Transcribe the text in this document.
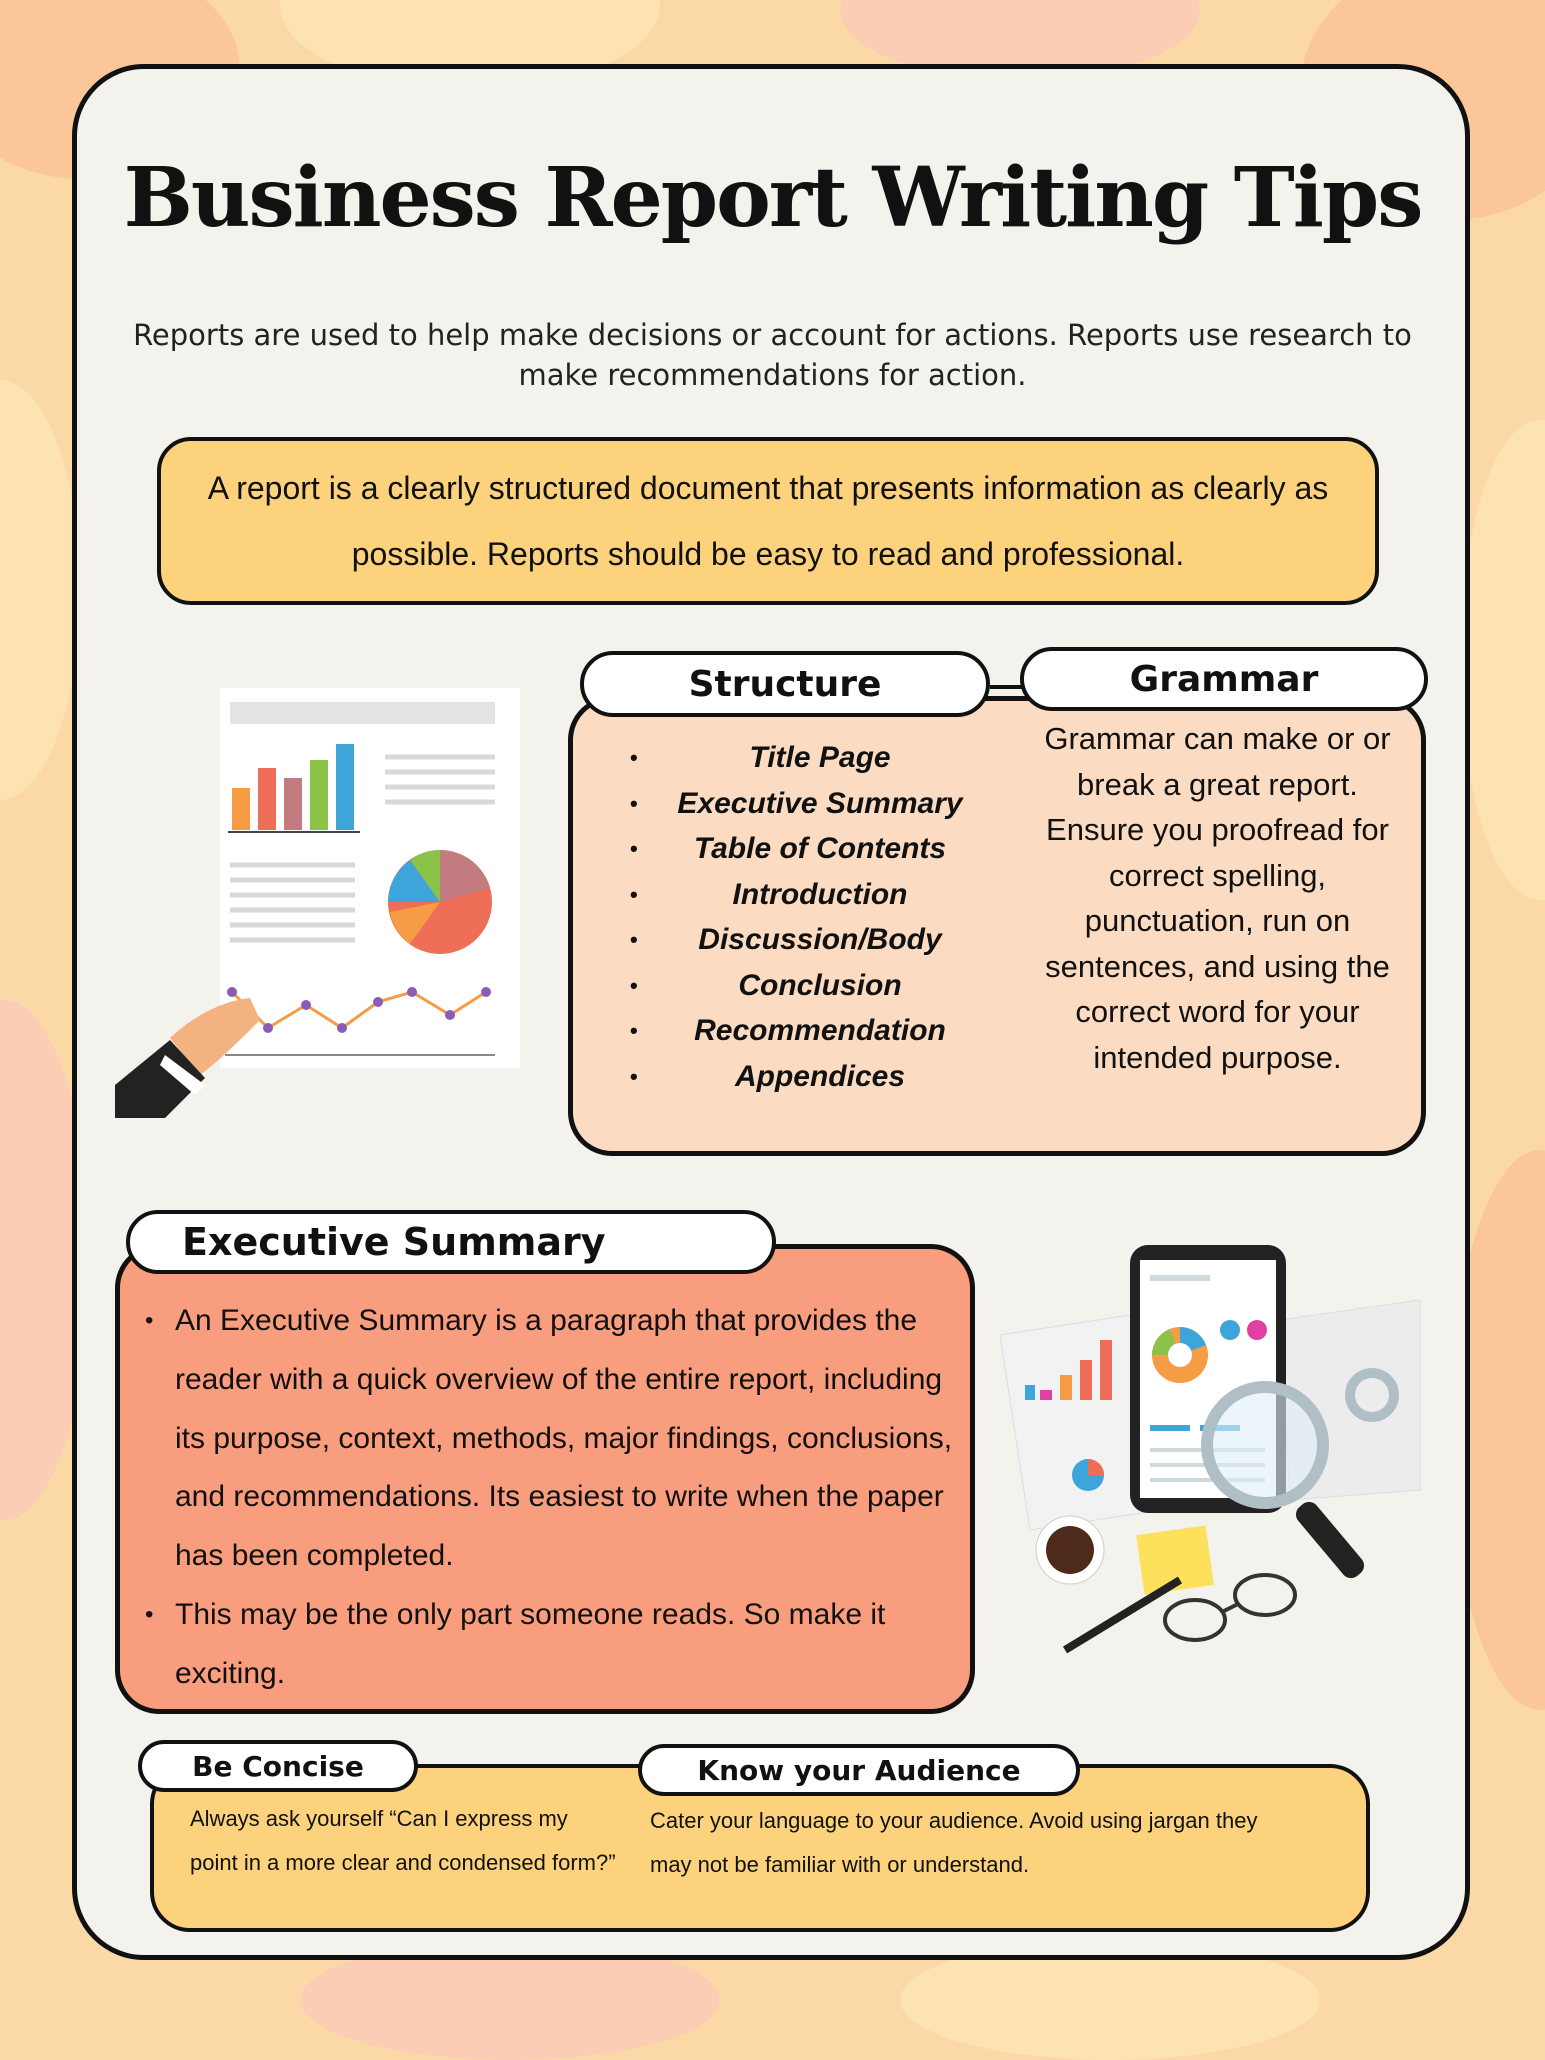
Business Report Writing Tips
Reports are used to help make decisions or account for actions. Reports use research to make recommendations for action.
A report is a clearly structured document that presents information as clearly as possible. Reports should be easy to read and professional.
Structure	Grammar
• Title Page
• Executive Summary
• Table of Contents
• Introduction
• Discussion/Body
• Conclusion
• Recommendation
• Appendices
Grammar can make or or break a great report. Ensure you proofread for correct spelling, punctuation, run on sentences, and using the correct word for your intended purpose.
Executive Summary
• An Executive Summary is a paragraph that provides the reader with a quick overview of the entire report, including its purpose, context, methods, major findings, conclusions, and recommendations. Its easiest to write when the paper has been completed.
• This may be the only part someone reads. So make it exciting.
Be Concise	Know your Audience
Always ask yourself “Can I express my point in a more clear and condensed form?”
Cater your language to your audience. Avoid using jargan they may not be familiar with or understand.
